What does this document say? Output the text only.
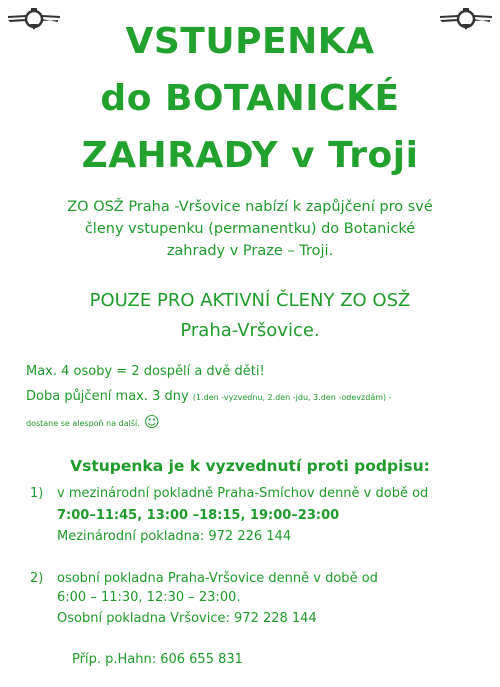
VSTUPENKA
do BOTANICKÉ
ZAHRADY v Troji
ZO OSŽ Praha -Vršovice nabízí k zapůjčení pro své
členy vstupenku (permanentku) do Botanické
zahrady v Praze – Troji.
POUZE PRO AKTIVNÍ ČLENY ZO OSŽ
Praha-Vršovice.
Max. 4 osoby = 2 dospělí a dvě děti!
Doba půjčení max. 3 dny (1.den -vyzvednu, 2.den -jdu, 3.den -odevzdám) -
dostane se alespoň na další. ☺
Vstupenka je k vyzvednutí proti podpisu:
1) v mezinárodní pokladně Praha-Smíchov denně v době od
7:00–11:45, 13:00 –18:15, 19:00–23:00
Mezinárodní pokladna: 972 226 144
2) osobní pokladna Praha-Vršovice denně v době od
6:00 – 11:30, 12:30 – 23:00.
Osobní pokladna Vršovice: 972 228 144
Příp. p.Hahn: 606 655 831
